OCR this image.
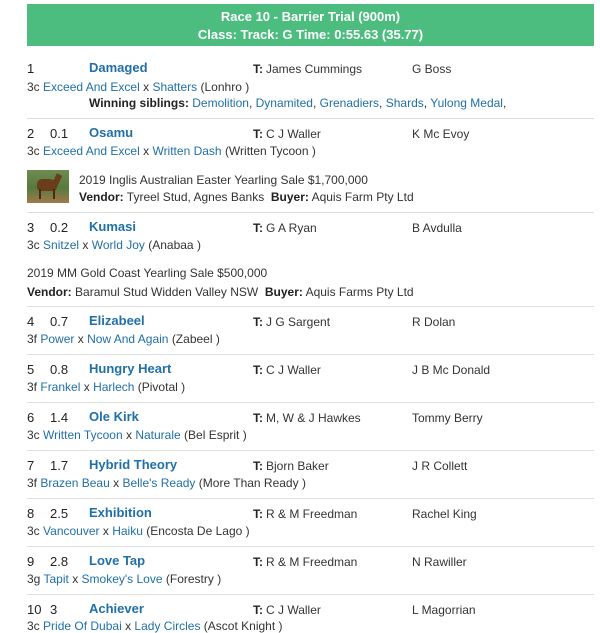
Race 10 - Barrier Trial (900m)
Class: Track: G Time: 0:55.63 (35.77)
1	Damaged	T: James Cummings	G Boss
3c Exceed And Excel x Shatters (Lonhro )
Winning siblings: Demolition, Dynamited, Grenadiers, Shards, Yulong Medal,
2 0.1 Osamu	T: C J Waller	K Mc Evoy
3c Exceed And Excel x Written Dash (Written Tycoon )
2019 Inglis Australian Easter Yearling Sale $1,700,000
Vendor: Tyreel Stud, Agnes Banks Buyer: Aquis Farm Pty Ltd
3 0.2 Kumasi	T: G A Ryan	B Avdulla
3c Snitzel x World Joy (Anabaa )
2019 MM Gold Coast Yearling Sale $500,000
Vendor: Baramul Stud Widden Valley NSW Buyer: Aquis Farms Pty Ltd
4 0.7 Elizabeel	T: J G Sargent	R Dolan
3f Power x Now And Again (Zabeel )
5 0.8 Hungry Heart	T: C J Waller	J B Mc Donald
3f Frankel x Harlech (Pivotal )
6 1.4 Ole Kirk	T: M, W & J Hawkes	Tommy Berry
3c Written Tycoon x Naturale (Bel Esprit )
7 1.7 Hybrid Theory	T: Bjorn Baker	J R Collett
3f Brazen Beau x Belle's Ready (More Than Ready )
8 2.5 Exhibition	T: R & M Freedman	Rachel King
3c Vancouver x Haiku (Encosta De Lago )
9 2.8 Love Tap	T: R & M Freedman	N Rawiller
3g Tapit x Smokey's Love (Forestry )
10 3 Achiever	T: C J Waller	L Magorrian
3c Pride Of Dubai x Lady Circles (Ascot Knight )
